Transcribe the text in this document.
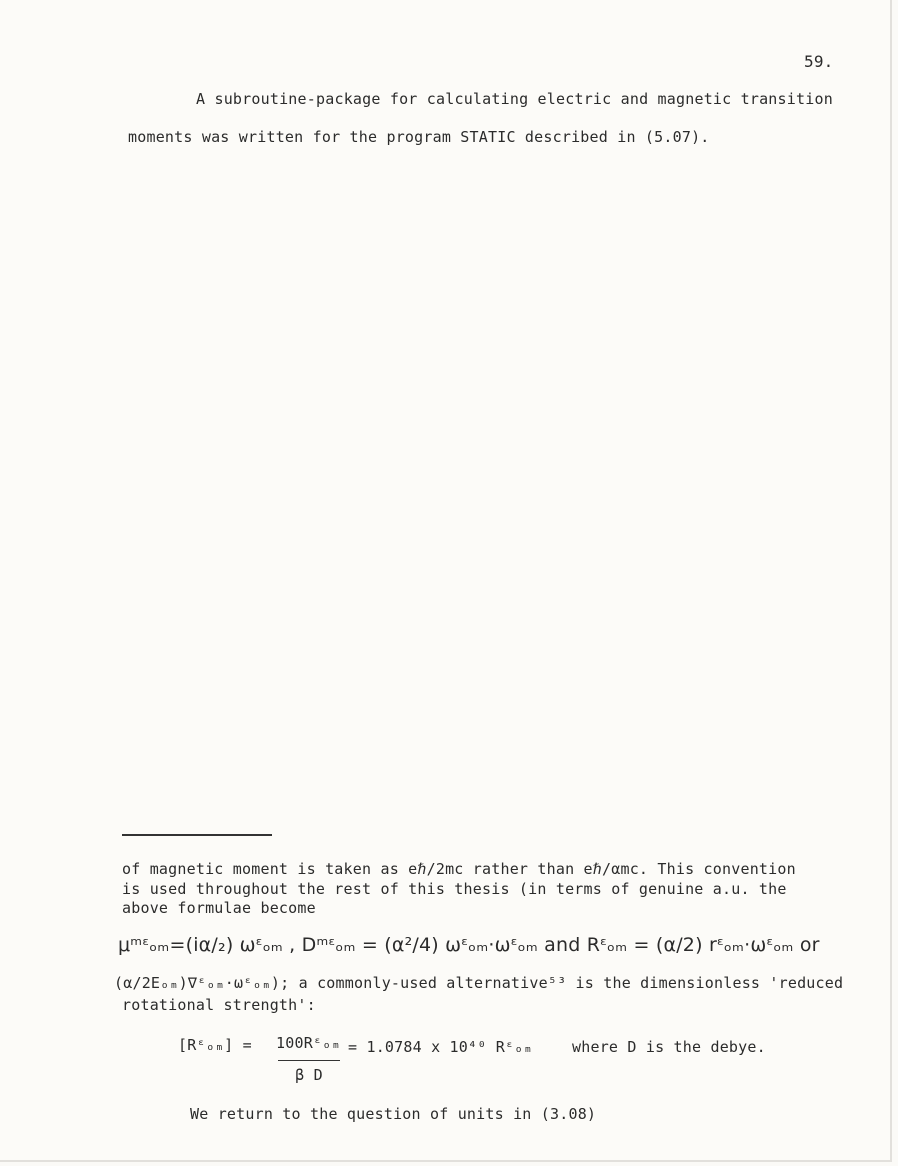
59.
A subroutine-package for calculating electric and magnetic transition
moments was written for the program STATIC described in (5.07).
of magnetic moment is taken as eℏ/2mc rather than eℏ/αmc. This convention
is used throughout the rest of this thesis (in terms of genuine a.u. the
above formulae become
μᵐᵋₒₘ=(iα/₂) ωᵋₒₘ , Dᵐᵋₒₘ = (α²/4) ωᵋₒₘ·ωᵋₒₘ and Rᵋₒₘ = (α/2) rᵋₒₘ·ωᵋₒₘ or
(α/2Eₒₘ)∇ᵋₒₘ·ωᵋₒₘ); a commonly-used alternative⁵³ is the dimensionless 'reduced
rotational strength':
[Rᵋₒₘ] = 100Rᵋₒₘ
β D
= 1.0784 x 10⁴⁰ Rᵋₒₘ	where D is the debye.
We return to the question of units in (3.08)
